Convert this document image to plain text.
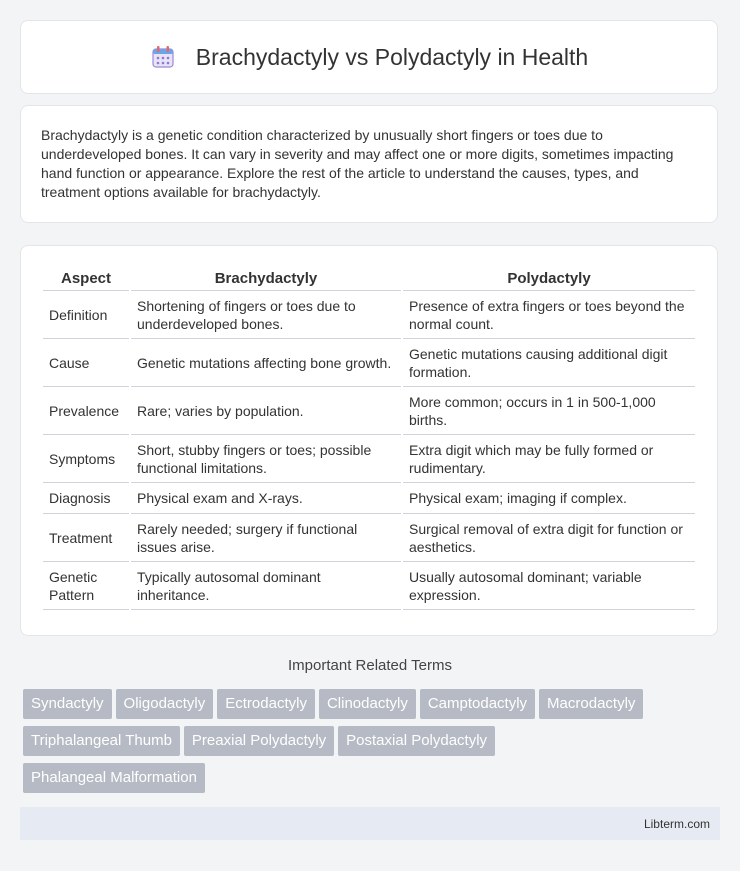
Brachydactyly vs Polydactyly in Health

Brachydactyly is a genetic condition characterized by unusually short fingers or toes due to underdeveloped bones. It can vary in severity and may affect one or more digits, sometimes impacting hand function or appearance. Explore the rest of the article to understand the causes, types, and treatment options available for brachydactyly.

Aspect	Brachydactyly	Polydactyly
Definition	Shortening of fingers or toes due to underdeveloped bones.	Presence of extra fingers or toes beyond the normal count.
Cause	Genetic mutations affecting bone growth.	Genetic mutations causing additional digit formation.
Prevalence	Rare; varies by population.	More common; occurs in 1 in 500-1,000 births.
Symptoms	Short, stubby fingers or toes; possible functional limitations.	Extra digit which may be fully formed or rudimentary.
Diagnosis	Physical exam and X-rays.	Physical exam; imaging if complex.
Treatment	Rarely needed; surgery if functional issues arise.	Surgical removal of extra digit for function or aesthetics.
Genetic Pattern	Typically autosomal dominant inheritance.	Usually autosomal dominant; variable expression.
Important Related Terms
Syndactyly Oligodactyly Ectrodactyly Clinodactyly Camptodactyly Macrodactyly
Triphalangeal Thumb Preaxial Polydactyly Postaxial Polydactyly
Phalangeal Malformation
Libterm.com
